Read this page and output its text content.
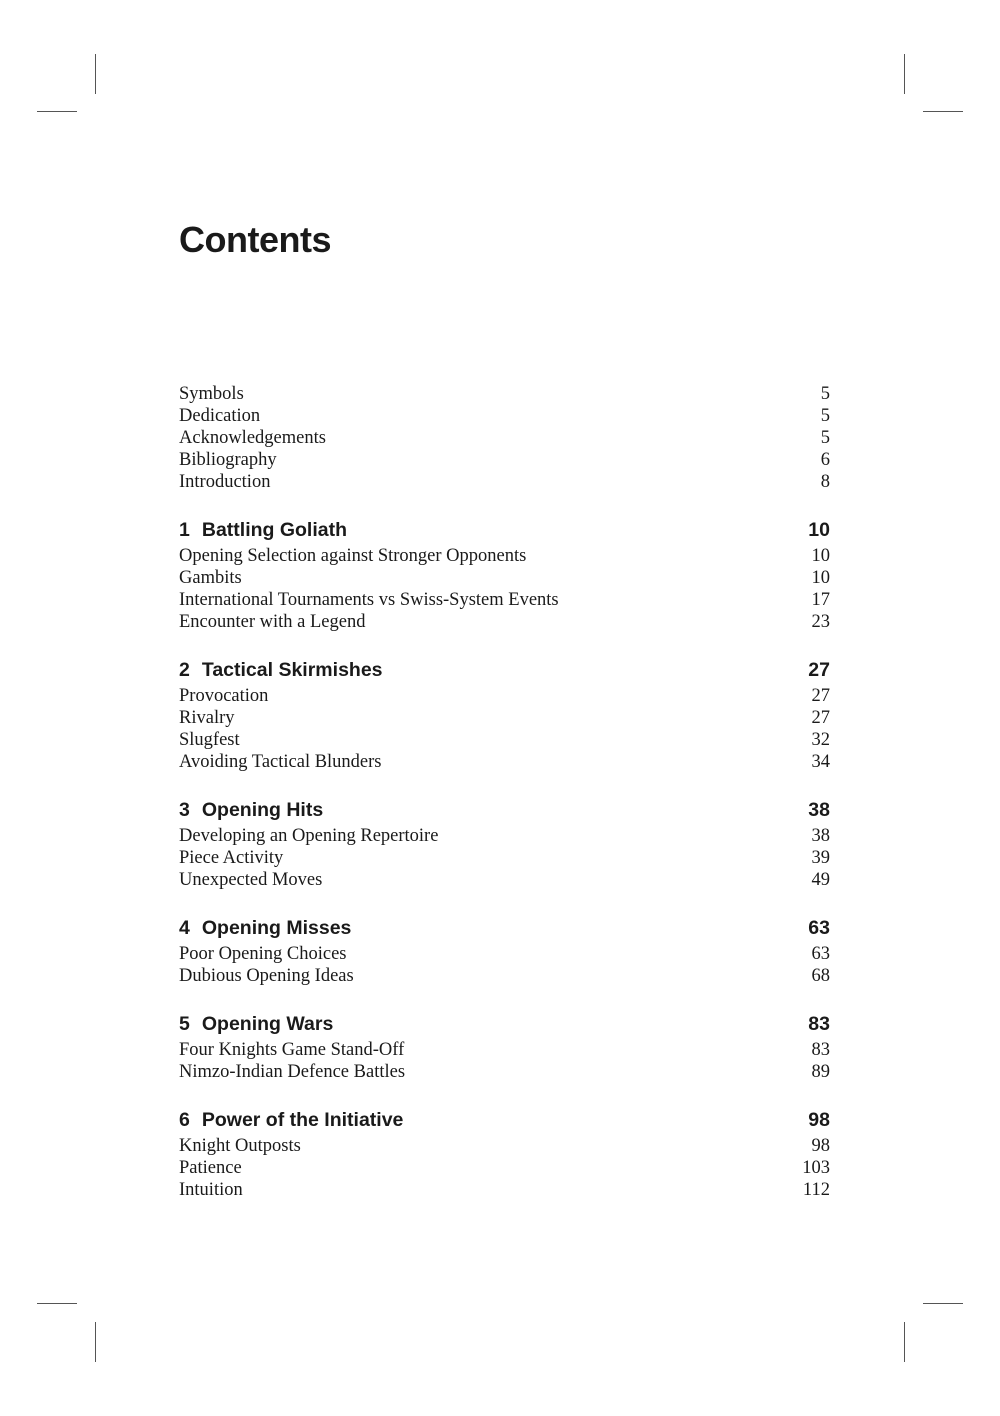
Contents
Symbols	5
Dedication	5
Acknowledgements	5
Bibliography	6
Introduction	8
1 Battling Goliath	10
Opening Selection against Stronger Opponents	10
Gambits	10
International Tournaments vs Swiss-System Events	17
Encounter with a Legend	23
2 Tactical Skirmishes	27
Provocation	27
Rivalry	27
Slugfest	32
Avoiding Tactical Blunders	34
3 Opening Hits	38
Developing an Opening Repertoire	38
Piece Activity	39
Unexpected Moves	49
4 Opening Misses	63
Poor Opening Choices	63
Dubious Opening Ideas	68
5 Opening Wars	83
Four Knights Game Stand-Off	83
Nimzo-Indian Defence Battles	89
6 Power of the Initiative	98
Knight Outposts	98
Patience	103
Intuition	112
